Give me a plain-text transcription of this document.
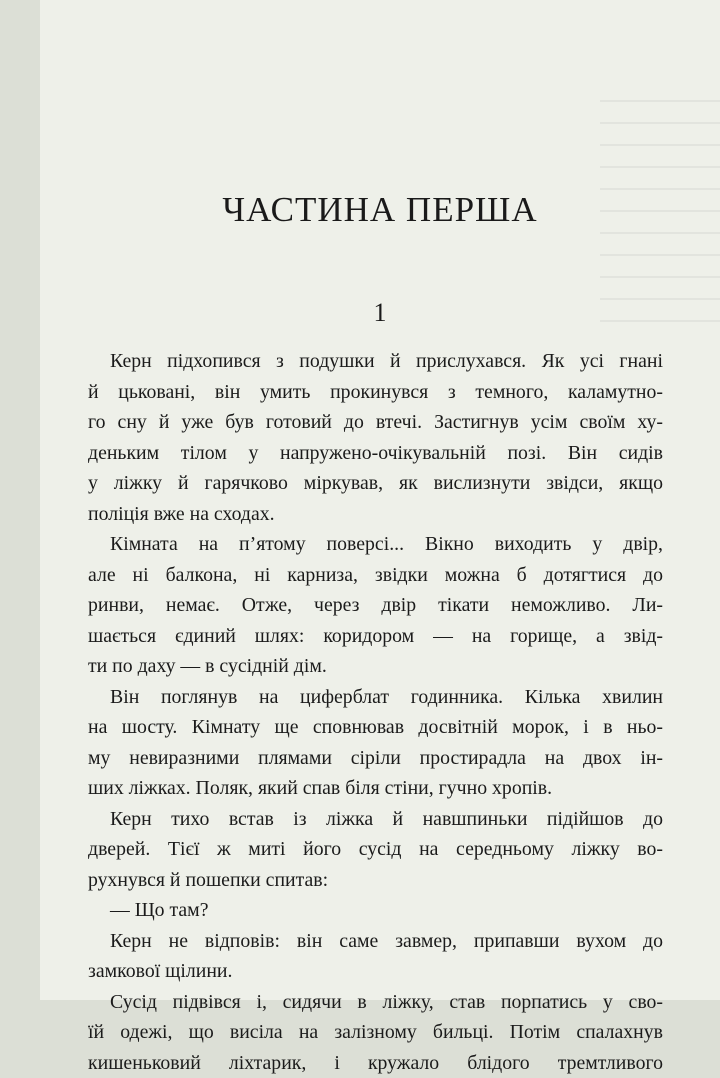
ЧАСТИНА ПЕРША
1
Керн підхопився з подушки й прислухався. Як усі гнані
й цьковані, він умить прокинувся з темного, каламутно-
го сну й уже був готовий до втечі. Застигнув усім своїм ху-
деньким тілом у напружено-очікувальній позі. Він сидів
у ліжку й гарячково міркував, як вислизнути звідси, якщо
поліція вже на сходах.
Кімната на п’ятому поверсі... Вікно виходить у двір,
але ні балкона, ні карниза, звідки можна б дотягтися до
ринви, немає. Отже, через двір тікати неможливо. Ли-
шається єдиний шлях: коридором — на горище, а звід-
ти по даху — в сусідній дім.
Він поглянув на циферблат годинника. Кілька хвилин
на шосту. Кімнату ще сповнював досвітній морок, і в ньо-
му невиразними плямами сіріли простирадла на двох ін-
ших ліжках. Поляк, який спав біля стіни, гучно хропів.
Керн тихо встав із ліжка й навшпиньки підійшов до
дверей. Тієї ж миті його сусід на середньому ліжку во-
рухнувся й пошепки спитав:
— Що там?
Керн не відповів: він саме завмер, припавши вухом до
замкової щілини.
Сусід підвівся і, сидячи в ліжку, став порпатись у сво-
їй одежі, що висіла на залізному бильці. Потім спалахнув
кишеньковий ліхтарик, і кружало блідого тремтливого
